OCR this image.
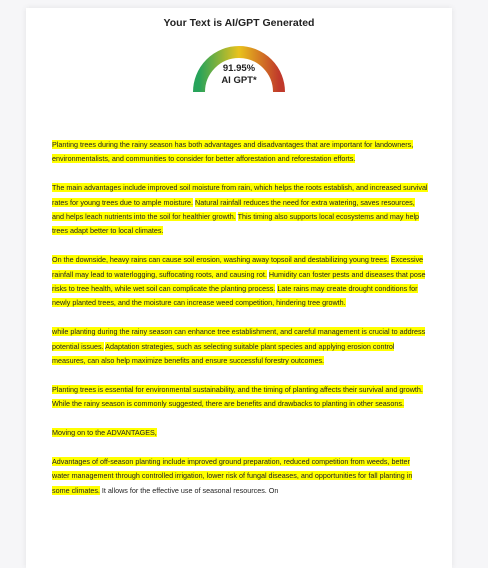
Your Text is AI/GPT Generated
91.95%
AI GPT*

Planting trees during the rainy season has both advantages and disadvantages that are important for landowners, environmentalists, and communities to consider for better afforestation and reforestation efforts.

The main advantages include improved soil moisture from rain, which helps the roots establish, and increased survival rates for young trees due to ample moisture. Natural rainfall reduces the need for extra watering, saves resources, and helps leach nutrients into the soil for healthier growth. This timing also supports local ecosystems and may help trees adapt better to local climates.

On the downside, heavy rains can cause soil erosion, washing away topsoil and destabilizing young trees. Excessive rainfall may lead to waterlogging, suffocating roots, and causing rot. Humidity can foster pests and diseases that pose risks to tree health, while wet soil can complicate the planting process. Late rains may create drought conditions for newly planted trees, and the moisture can increase weed competition, hindering tree growth.

while planting during the rainy season can enhance tree establishment, and careful management is crucial to address potential issues. Adaptation strategies, such as selecting suitable plant species and applying erosion control measures, can also help maximize benefits and ensure successful forestry outcomes.

Planting trees is essential for environmental sustainability, and the timing of planting affects their survival and growth. While the rainy season is commonly suggested, there are benefits and drawbacks to planting in other seasons.

Moving on to the ADVANTAGES,

Advantages of off-season planting include improved ground preparation, reduced competition from weeds, better water management through controlled irrigation, lower risk of fungal diseases, and opportunities for fall planting in some climates. It allows for the effective use of seasonal resources. On
